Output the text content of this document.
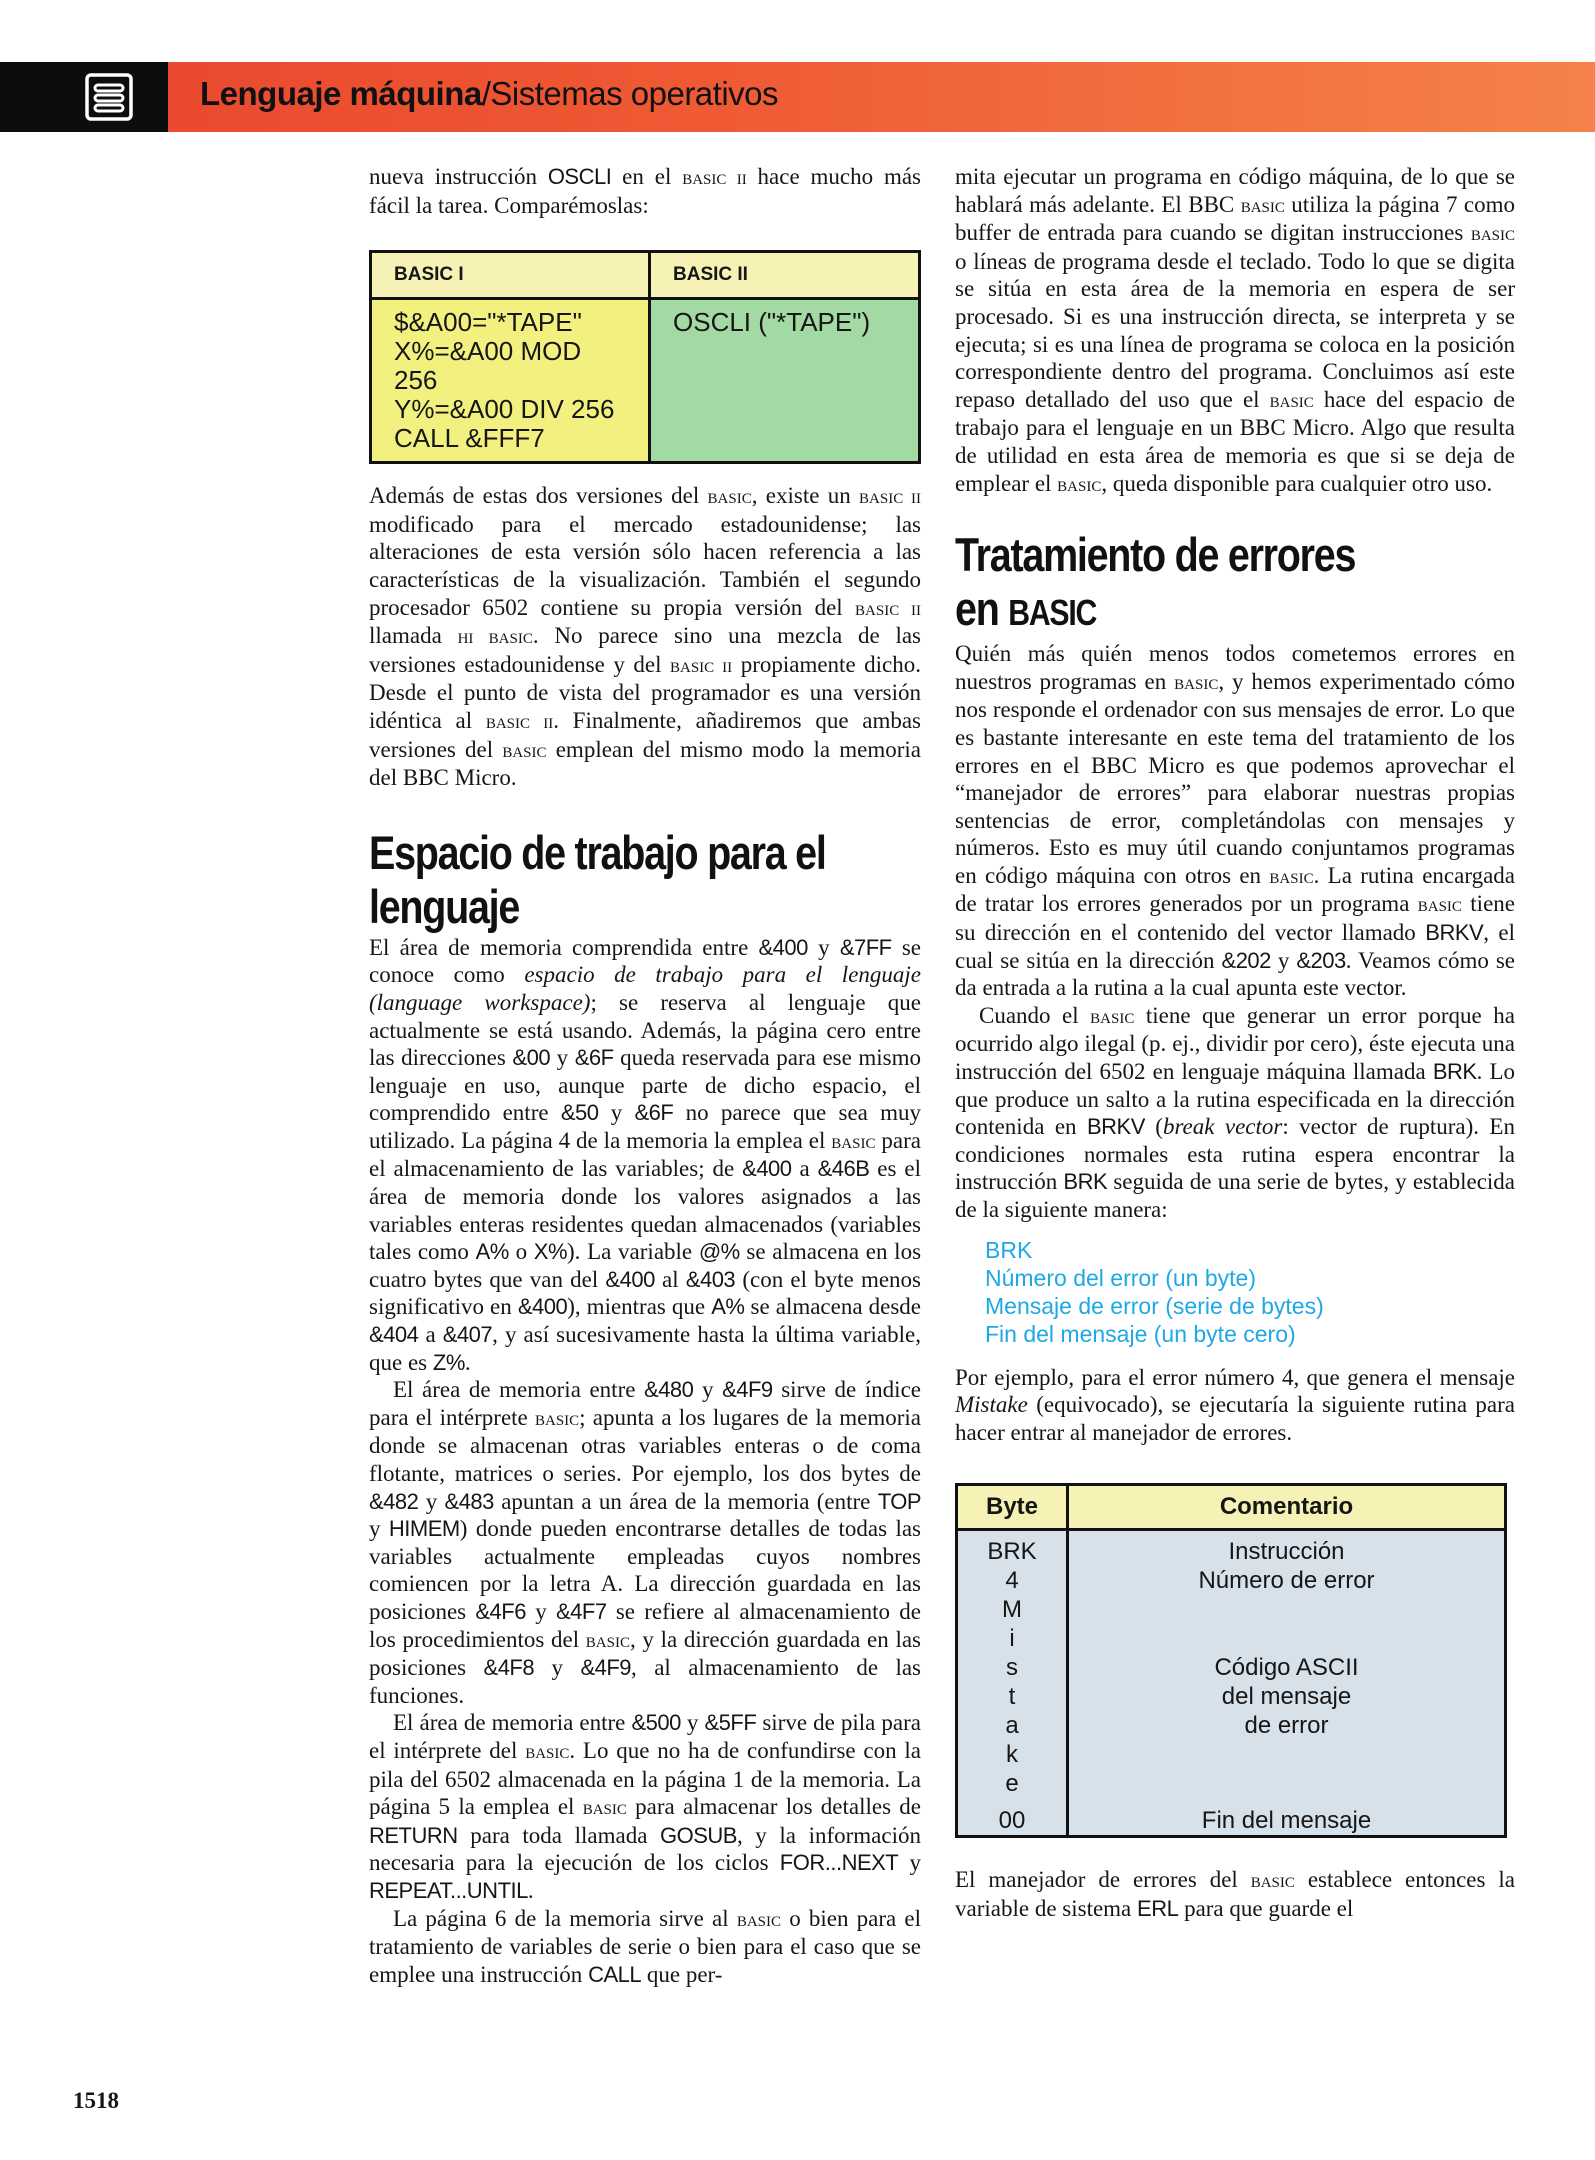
Lenguaje máquina/Sistemas operativos

nueva instrucción OSCLI en el basic ii hace mucho más fácil la tarea. Comparémoslas:

BASIC I	BASIC II

$&A00="*TAPE"
X%=&A00 MOD 256
Y%=&A00 DIV 256
CALL &FFF7	OSCLI ("*TAPE")

Además de estas dos versiones del basic, existe un basic ii modificado para el mercado estadounidense; las alteraciones de esta versión sólo hacen referencia a las características de la visualización. También el segundo procesador 6502 contiene su propia versión del basic ii llamada hi basic. No parece sino una mezcla de las versiones estadounidense y del basic ii propiamente dicho. Desde el punto de vista del programador es una versión idéntica al basic ii. Finalmente, añadiremos que ambas versiones del basic emplean del mismo modo la memoria del BBC Micro.

Espacio de trabajo para el
lenguaje

El área de memoria comprendida entre &400 y &7FF se conoce como espacio de trabajo para el lenguaje (language workspace); se reserva al lenguaje que actualmente se está usando. Además, la página cero entre las direcciones &00 y &6F queda reservada para ese mismo lenguaje en uso, aunque parte de dicho espacio, el comprendido entre &50 y &6F no parece que sea muy utilizado. La página 4 de la memoria la emplea el basic para el almacenamiento de las variables; de &400 a &46B es el área de memoria donde los valores asignados a las variables enteras residentes quedan almacenados (variables tales como A% o X%). La variable @% se almacena en los cuatro bytes que van del &400 al &403 (con el byte menos significativo en &400), mientras que A% se almacena desde &404 a &407, y así sucesivamente hasta la última variable, que es Z%.

El área de memoria entre &480 y &4F9 sirve de índice para el intérprete basic; apunta a los lugares de la memoria donde se almacenan otras variables enteras o de coma flotante, matrices o series. Por ejemplo, los dos bytes de &482 y &483 apuntan a un área de la memoria (entre TOP y HIMEM) donde pueden encontrarse detalles de todas las variables actualmente empleadas cuyos nombres comiencen por la letra A. La dirección guardada en las posiciones &4F6 y &4F7 se refiere al almacenamiento de los procedimientos del basic, y la dirección guardada en las posiciones &4F8 y &4F9, al almacenamiento de las funciones.

El área de memoria entre &500 y &5FF sirve de pila para el intérprete del basic. Lo que no ha de confundirse con la pila del 6502 almacenada en la página 1 de la memoria. La página 5 la emplea el basic para almacenar los detalles de RETURN para toda llamada GOSUB, y la información necesaria para la ejecución de los ciclos FOR...NEXT y REPEAT...UNTIL.

La página 6 de la memoria sirve al basic o bien para el tratamiento de variables de serie o bien para el caso que se emplee una instrucción CALL que per-

mita ejecutar un programa en código máquina, de lo que se hablará más adelante. El BBC basic utiliza la página 7 como buffer de entrada para cuando se digitan instrucciones basic o líneas de programa desde el teclado. Todo lo que se digita se sitúa en esta área de la memoria en espera de ser procesado. Si es una instrucción directa, se interpreta y se ejecuta; si es una línea de programa se coloca en la posición correspondiente dentro del programa. Concluimos así este repaso detallado del uso que el basic hace del espacio de trabajo para el lenguaje en un BBC Micro. Algo que resulta de utilidad en esta área de memoria es que si se deja de emplear el basic, queda disponible para cualquier otro uso.

Tratamiento de errores
en BASIC

Quién más quién menos todos cometemos errores en nuestros programas en basic, y hemos experimentado cómo nos responde el ordenador con sus mensajes de error. Lo que es bastante interesante en este tema del tratamiento de los errores en el BBC Micro es que podemos aprovechar el “manejador de errores” para elaborar nuestras propias sentencias de error, completándolas con mensajes y números. Esto es muy útil cuando conjuntamos programas en código máquina con otros en basic. La rutina encargada de tratar los errores generados por un programa basic tiene su dirección en el contenido del vector llamado BRKV, el cual se sitúa en la dirección &202 y &203. Veamos cómo se da entrada a la rutina a la cual apunta este vector.

Cuando el basic tiene que generar un error porque ha ocurrido algo ilegal (p. ej., dividir por cero), éste ejecuta una instrucción del 6502 en lenguaje máquina llamada BRK. Lo que produce un salto a la rutina especificada en la dirección contenida en BRKV (break vector: vector de ruptura). En condiciones normales esta rutina espera encontrar la instrucción BRK seguida de una serie de bytes, y establecida de la siguiente manera:

BRK
Número del error (un byte)
Mensaje de error (serie de bytes)
Fin del mensaje (un byte cero)

Por ejemplo, para el error número 4, que genera el mensaje Mistake (equivocado), se ejecutaría la siguiente rutina para hacer entrar al manejador de errores.

Byte	Comentario
BRK	Instrucción
4	Número de error
M	
i	
s	Código ASCII
t	del mensaje
a	de error
k	
e	
00	Fin del mensaje

El manejador de errores del basic establece entonces la variable de sistema ERL para que guarde el

1518
